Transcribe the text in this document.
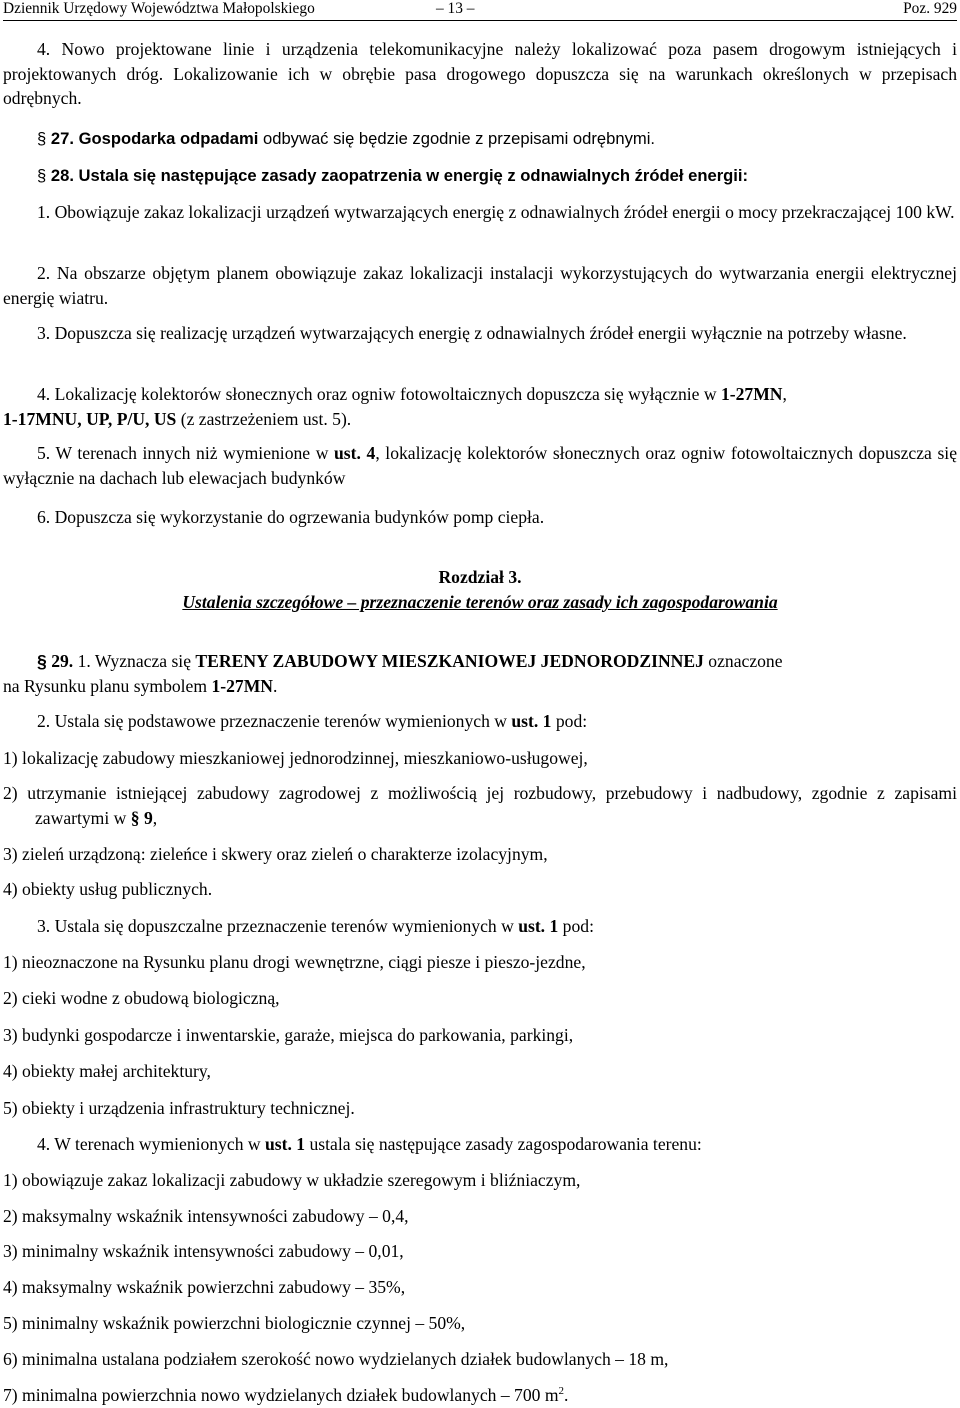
Dziennik Urzędowy Województwa Małopolskiego	– 13 –	Poz. 929

4. Nowo projektowane linie i urządzenia telekomunikacyjne należy lokalizować poza pasem drogowym istniejących i projektowanych dróg. Lokalizowanie ich w obrębie pasa drogowego dopuszcza się na warunkach określonych w przepisach odrębnych.

§ 27. Gospodarka odpadami odbywać się będzie zgodnie z przepisami odrębnymi.

§ 28. Ustala się następujące zasady zaopatrzenia w energię z odnawialnych źródeł energii:

1. Obowiązuje zakaz lokalizacji urządzeń wytwarzających energię z odnawialnych źródeł energii o mocy przekraczającej 100 kW.

2. Na obszarze objętym planem obowiązuje zakaz lokalizacji instalacji wykorzystujących do wytwarzania energii elektrycznej energię wiatru.

3. Dopuszcza się realizację urządzeń wytwarzających energię z odnawialnych źródeł energii wyłącznie na potrzeby własne.

4. Lokalizację kolektorów słonecznych oraz ogniw fotowoltaicznych dopuszcza się wyłącznie w 1-27MN,
1-17MNU, UP, P/U, US (z zastrzeżeniem ust. 5).

5. W terenach innych niż wymienione w ust. 4, lokalizację kolektorów słonecznych oraz ogniw fotowoltaicznych dopuszcza się wyłącznie na dachach lub elewacjach budynków

6. Dopuszcza się wykorzystanie do ogrzewania budynków pomp ciepła.

Rozdział 3.

Ustalenia szczegółowe – przeznaczenie terenów oraz zasady ich zagospodarowania

§ 29. 1. Wyznacza się TERENY ZABUDOWY MIESZKANIOWEJ JEDNORODZINNEJ oznaczone
na Rysunku planu symbolem 1-27MN.

2. Ustala się podstawowe przeznaczenie terenów wymienionych w ust. 1 pod:

1) lokalizację zabudowy mieszkaniowej jednorodzinnej, mieszkaniowo-usługowej,

2) utrzymanie istniejącej zabudowy zagrodowej z możliwością jej rozbudowy, przebudowy i nadbudowy, zgodnie z zapisami zawartymi w § 9,

3) zieleń urządzoną: zieleńce i skwery oraz zieleń o charakterze izolacyjnym,

4) obiekty usług publicznych.

3. Ustala się dopuszczalne przeznaczenie terenów wymienionych w ust. 1 pod:

1) nieoznaczone na Rysunku planu drogi wewnętrzne, ciągi piesze i pieszo-jezdne,

2) cieki wodne z obudową biologiczną,

3) budynki gospodarcze i inwentarskie, garaże, miejsca do parkowania, parkingi,

4) obiekty małej architektury,

5) obiekty i urządzenia infrastruktury technicznej.

4. W terenach wymienionych w ust. 1 ustala się następujące zasady zagospodarowania terenu:

1) obowiązuje zakaz lokalizacji zabudowy w układzie szeregowym i bliźniaczym,

2) maksymalny wskaźnik intensywności zabudowy – 0,4,

3) minimalny wskaźnik intensywności zabudowy – 0,01,

4) maksymalny wskaźnik powierzchni zabudowy – 35%,

5) minimalny wskaźnik powierzchni biologicznie czynnej – 50%,

6) minimalna ustalana podziałem szerokość nowo wydzielanych działek budowlanych – 18 m,

7) minimalna powierzchnia nowo wydzielanych działek budowlanych – 700 $m^2$.
